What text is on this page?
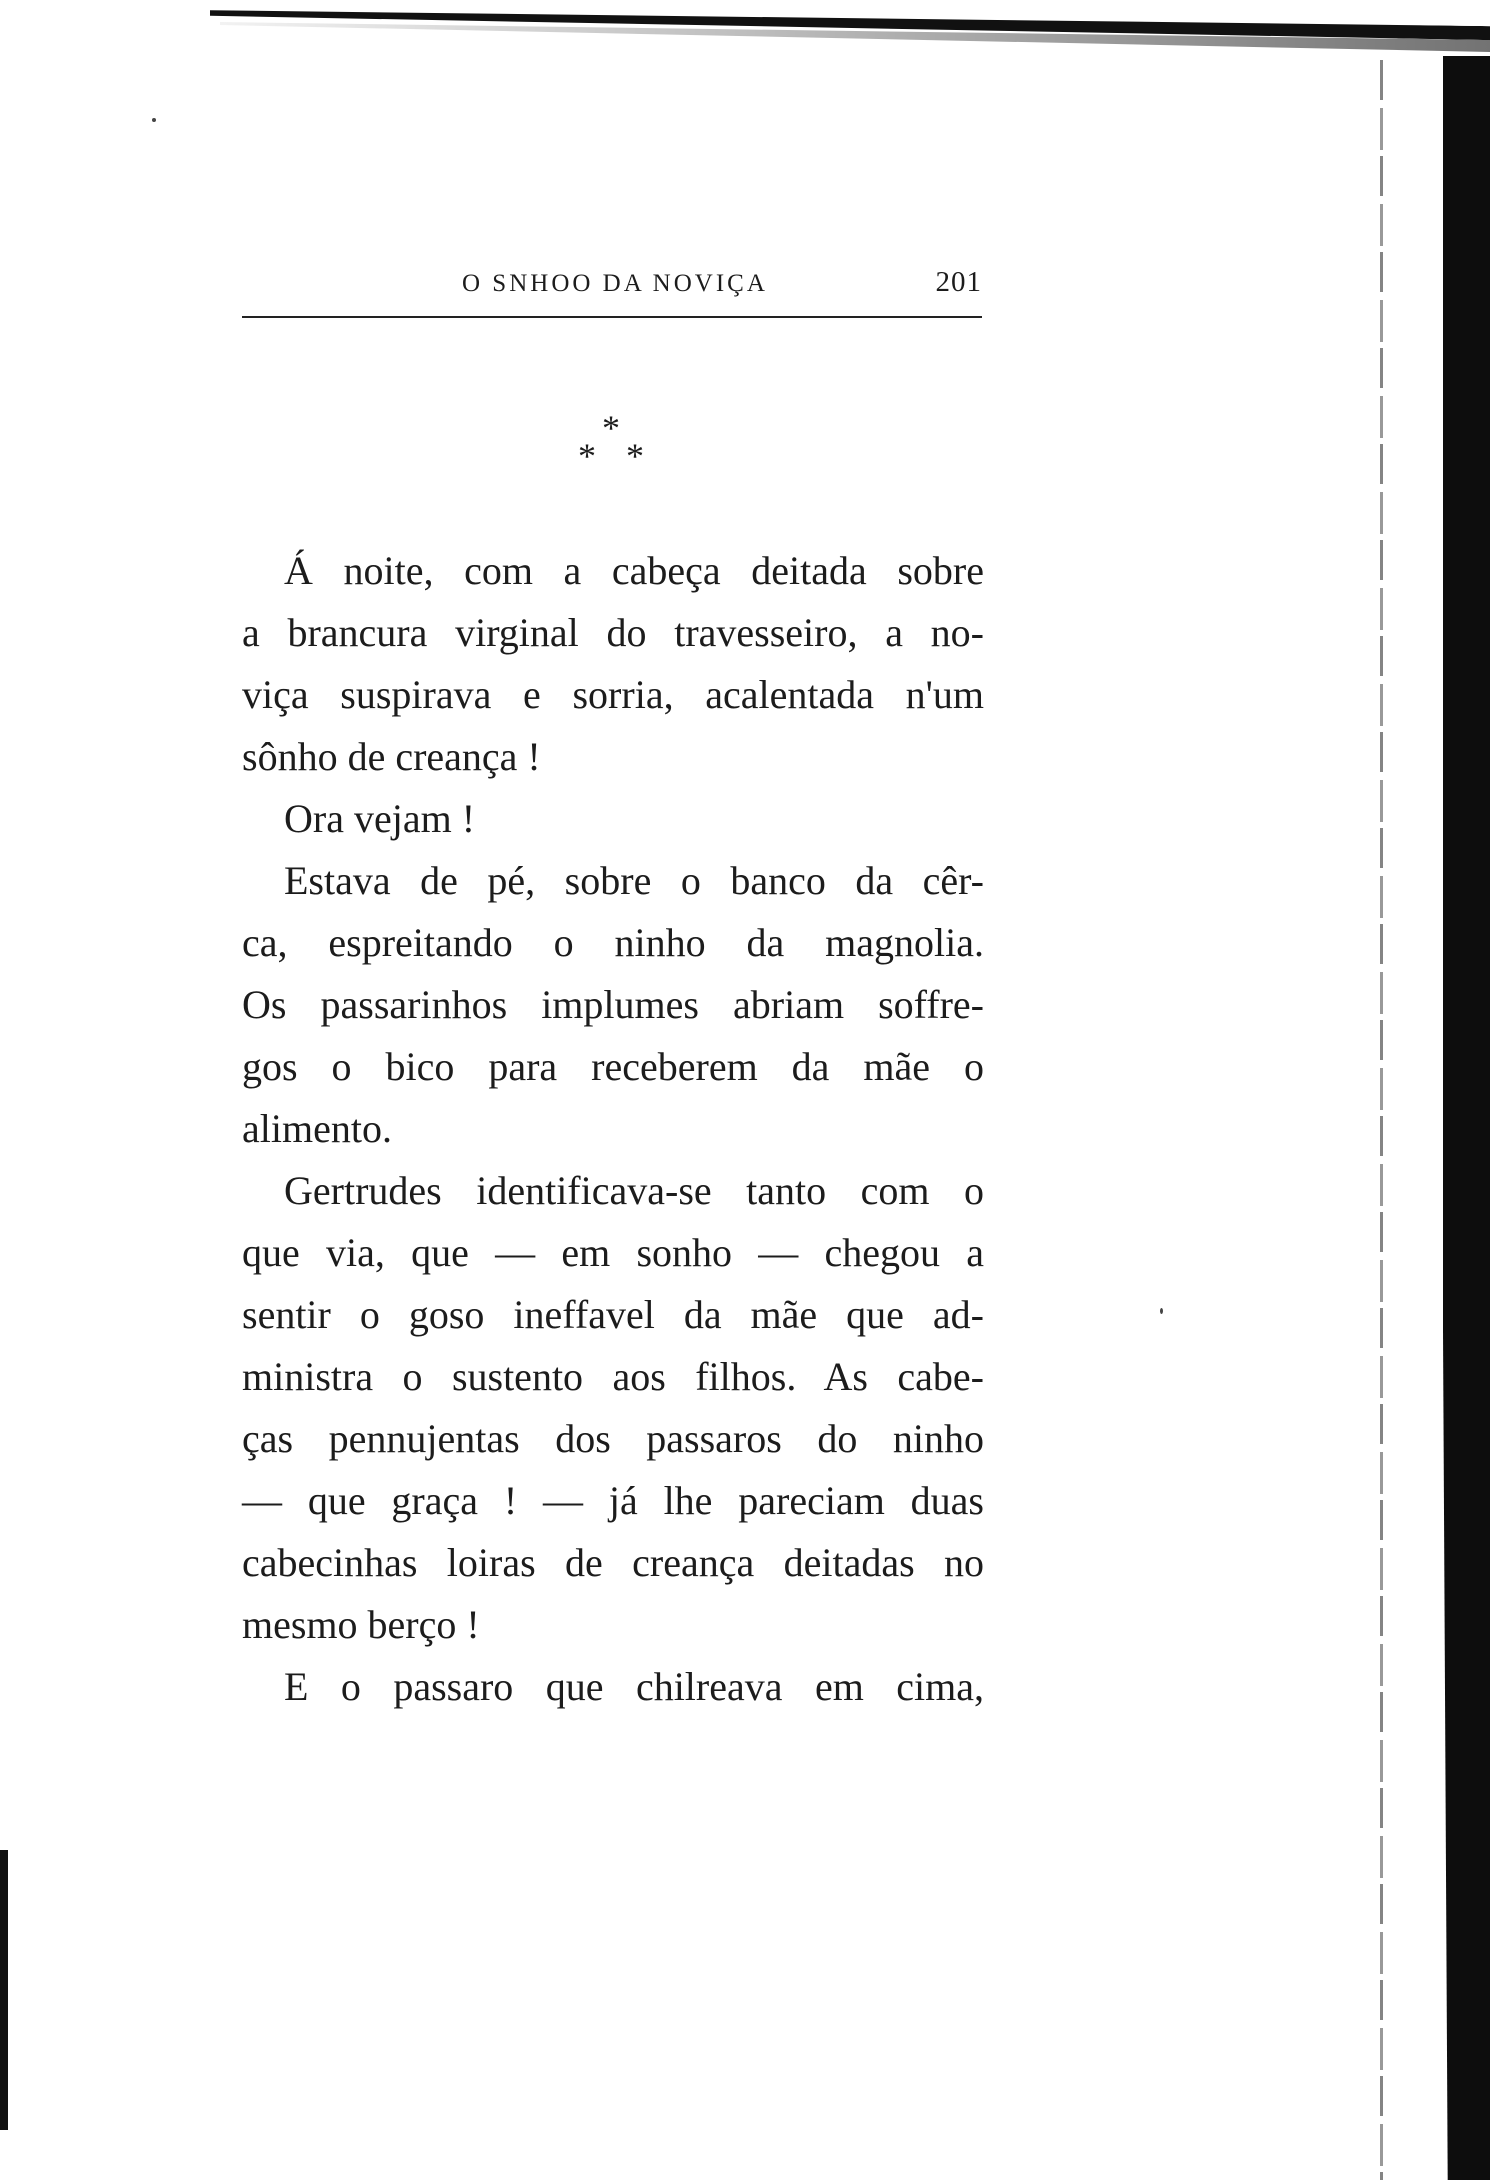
O SNHOO DA NOVIÇA	201
*
* *
Á noite, com a cabeça deitada sobre
a brancura virginal do travesseiro, a no-
viça suspirava e sorria, acalentada n'um
sônho de creança !
Ora vejam !
Estava de pé, sobre o banco da cêr-
ca, espreitando o ninho da magnolia.
Os passarinhos implumes abriam soffre-
gos o bico para receberem da mãe o
alimento.
Gertrudes identificava-se tanto com o
que via, que — em sonho — chegou a
sentir o goso ineffavel da mãe que ad-
ministra o sustento aos filhos. As cabe-
ças pennujentas dos passaros do ninho
— que graça ! — já lhe pareciam duas
cabecinhas loiras de creança deitadas no
mesmo berço !
E o passaro que chilreava em cima,
